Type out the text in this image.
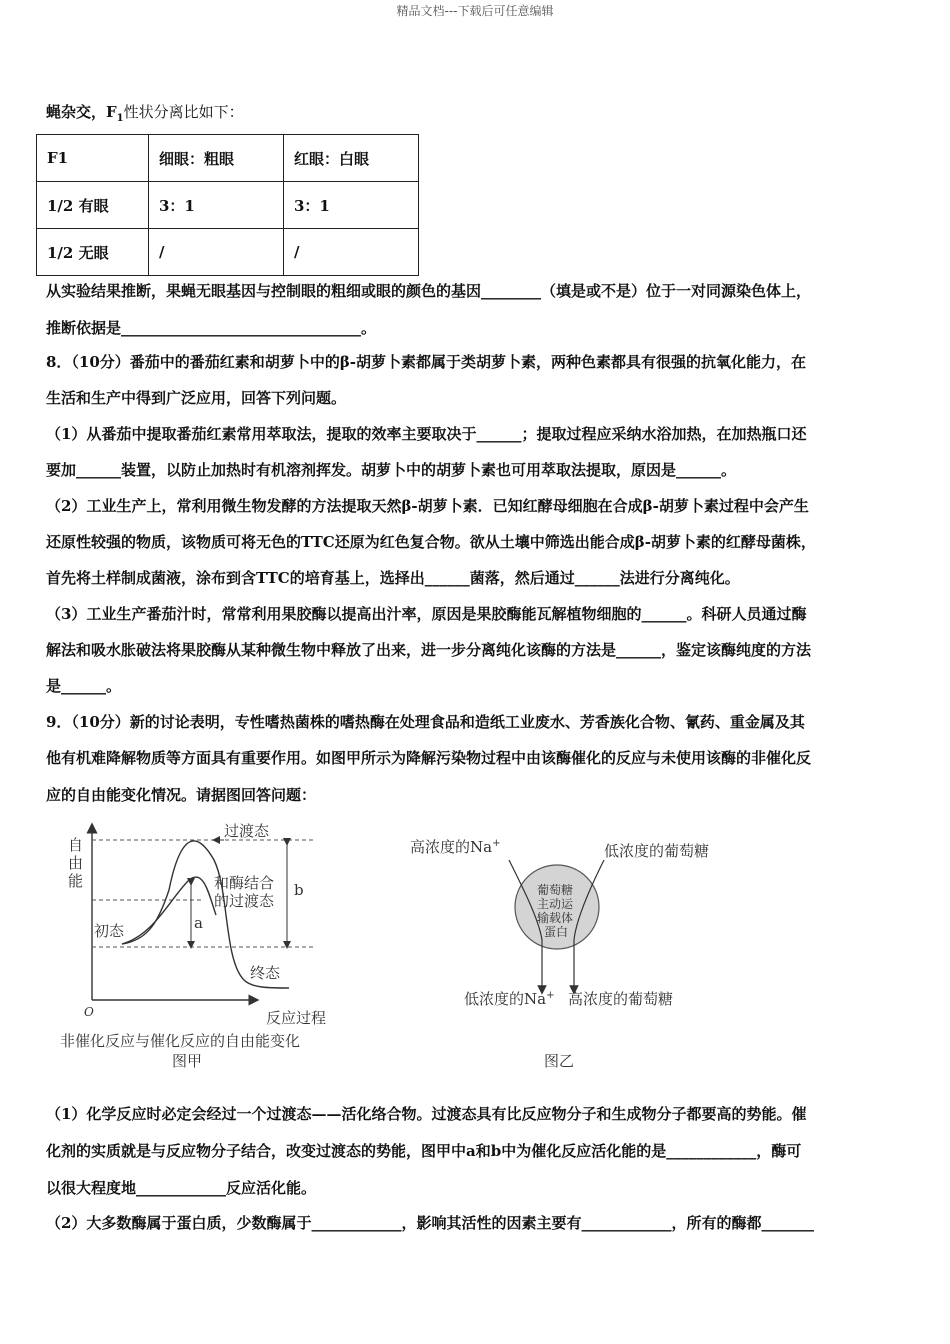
精品文档---下载后可任意编辑
蝇杂交，$F_1$性状分离比如下：
F1	细眼：粗眼	红眼：白眼
1/2 有眼	3：1	3：1
1/2 无眼	/	/
从实验结果推断，果蝇无眼基因与控制眼的粗细或眼的颜色的基因________（填是或不是）位于一对同源染色体上，
推断依据是________________________________。
8．（10分）番茄中的番茄红素和胡萝卜中的β-胡萝卜素都属于类胡萝卜素，两种色素都具有很强的抗氧化能力，在
生活和生产中得到广泛应用，回答下列问题。
（1）从番茄中提取番茄红素常用萃取法，提取的效率主要取决于______；提取过程应采纳水浴加热，在加热瓶口还
要加______装置，以防止加热时有机溶剂挥发。胡萝卜中的胡萝卜素也可用萃取法提取，原因是______。
（2）工业生产上，常利用微生物发酵的方法提取天然β-胡萝卜素．已知红酵母细胞在合成β-胡萝卜素过程中会产生
还原性较强的物质，该物质可将无色的TTC还原为红色复合物。欲从土壤中筛选出能合成β-胡萝卜素的红酵母菌株，
首先将土样制成菌液，涂布到含TTC的培育基上，选择出______菌落，然后通过______法进行分离纯化。
（3）工业生产番茄汁时，常常利用果胶酶以提高出汁率，原因是果胶酶能瓦解植物细胞的______。科研人员通过酶
解法和吸水胀破法将果胶酶从某种微生物中释放了出来，进一步分离纯化该酶的方法是______，鉴定该酶纯度的方法
是______。
9．（10分）新的讨论表明，专性嗜热菌株的嗜热酶在处理食品和造纸工业废水、芳香族化合物、氰药、重金属及其
他有机难降解物质等方面具有重要作用。如图甲所示为降解污染物过程中由该酶催化的反应与未使用该酶的非催化反
应的自由能变化情况。请据图回答问题：
自
由
能
过渡态
和酶结合
的过渡态
初态
终态
a
b
O	反应过程
非催化反应与催化反应的自由能变化
图甲
高浓度的Na+	低浓度的葡萄糖
葡萄糖
主动运
输载体
蛋白
低浓度的Na+ 高浓度的葡萄糖
图乙
（1）化学反应时必定会经过一个过渡态——活化络合物。过渡态具有比反应物分子和生成物分子都要高的势能。催
化剂的实质就是与反应物分子结合，改变过渡态的势能，图甲中a和b中为催化反应活化能的是____________，酶可
以很大程度地____________反应活化能。
（2）大多数酶属于蛋白质，少数酶属于____________，影响其活性的因素主要有____________，所有的酶都_______
